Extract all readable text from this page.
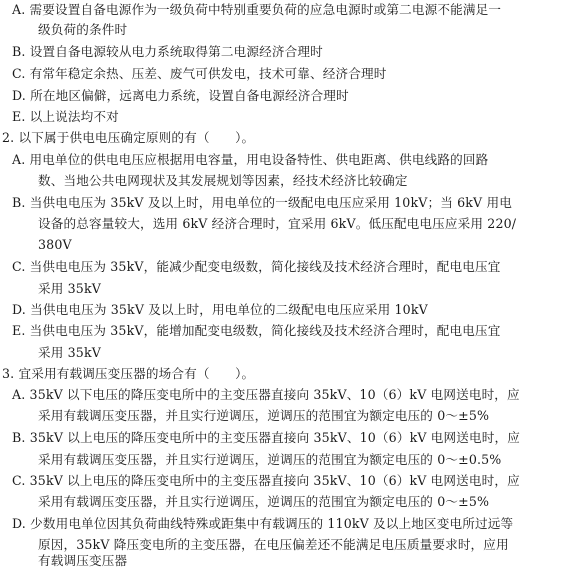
A. 需要设置自备电源作为一级负荷中特别重要负荷的应急电源时或第二电源不能满足一
级负荷的条件时
B. 设置自备电源较从电力系统取得第二电源经济合理时
C. 有常年稳定余热、压差、废气可供发电，技术可靠、经济合理时
D. 所在地区偏僻，远离电力系统，设置自备电源经济合理时
E. 以上说法均不对
2. 以下属于供电电压确定原则的有（　　）。
A. 用电单位的供电电压应根据用电容量，用电设备特性、供电距离、供电线路的回路
数、当地公共电网现状及其发展规划等因素，经技术经济比较确定
B. 当供电电压为 35kV 及以上时，用电单位的一级配电电压应采用 10kV；当 6kV 用电
设备的总容量较大，选用 6kV 经济合理时，宜采用 6kV。低压配电电压应采用 220/
380V
C. 当供电电压为 35kV，能减少配变电级数，简化接线及技术经济合理时，配电电压宜
采用 35kV
D. 当供电电压为 35kV 及以上时，用电单位的二级配电电压应采用 10kV
E. 当供电电压为 35kV，能增加配变电级数，简化接线及技术经济合理时，配电电压宜
采用 35kV
3. 宜采用有载调压变压器的场合有（　　）。
A. 35kV 以下电压的降压变电所中的主变压器直接向 35kV、10（6）kV 电网送电时，应
采用有载调压变压器，并且实行逆调压，逆调压的范围宜为额定电压的 0～±5%
B. 35kV 以上电压的降压变电所中的主变压器直接向 35kV、10（6）kV 电网送电时，应
采用有载调压变压器，并且实行逆调压，逆调压的范围宜为额定电压的 0～±0.5%
C. 35kV 以上电压的降压变电所中的主变压器直接向 35kV、10（6）kV 电网送电时，应
采用有载调压变压器，并且实行逆调压，逆调压的范围宜为额定电压的 0～±5%
D. 少数用电单位因其负荷曲线特殊或距集中有载调压的 110kV 及以上地区变电所过远等
原因，35kV 降压变电所的主变压器，在电压偏差还不能满足电压质量要求时，应用
有载调压变压器
